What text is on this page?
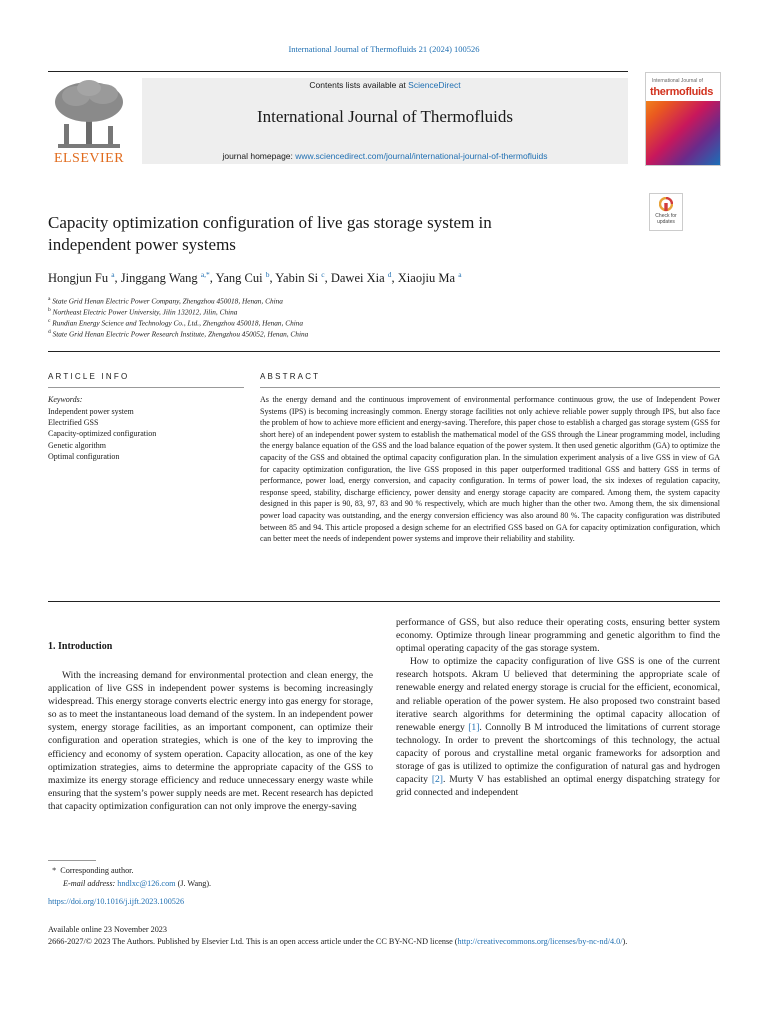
International Journal of Thermofluids 21 (2024) 100526
ELSEVIER
Contents lists available at ScienceDirect
International Journal of Thermofluids
journal homepage: www.sciencedirect.com/journal/international-journal-of-thermofluids
International Journal of
thermofluids
Check for
updates
Capacity optimization configuration of live gas storage system in
independent power systems
Hongjun Fu $^a$, Jinggang Wang $^{a,*}$, Yang Cui $^b$, Yabin Si $^c$, Dawei Xia $^d$, Xiaojiu Ma $^a$
$^a$ State Grid Henan Electric Power Company, Zhengzhou 450018, Henan, China
$^b$ Northeast Electric Power University, Jilin 132012, Jilin, China
$^c$ Rundian Energy Science and Technology Co., Ltd., Zhengzhou 450018, Henan, China
$^d$ State Grid Henan Electric Power Research Institute, Zhengzhou 450052, Henan, China
ARTICLE INFO	ABSTRACT
Keywords:
Independent power system
Electrified GSS
Capacity-optimized configuration
Genetic algorithm
Optimal configuration
As the energy demand and the continuous improvement of environmental performance continuous grow, the use of Independent Power Systems (IPS) is becoming increasingly common. Energy storage facilities not only achieve reliable power supply through IPS, but also face the problem of how to achieve more efficient and energy-saving. Therefore, this paper chose to establish a charged gas storage system (GSS for short here) of an independent power system to establish the mathematical model of the GSS through the Linear programming model, including the energy balance equation of the GSS and the load balance equation of the power system. It then used genetic algorithm (GA) to optimize the capacity of the GSS and obtained the optimal capacity configuration plan. In the simulation experiment analysis of a live GSS in view of GA for capacity optimization configuration, the live GSS proposed in this paper outperformed traditional GSS and battery GSS in terms of performance, power load, energy conversion, and capacity configuration. In terms of power load, the six indexes of regulation capacity, response speed, stability, discharge efficiency, power density and energy storage capacity are compared. Among them, the system capacity designed in this paper is 90, 83, 97, 83 and 90 % respectively, which are much higher than the other two. Among them, the six dimensional power load capacity was outstanding, and the energy conversion efficiency was also around 80 %. The capacity configuration was distributed between 85 and 94. This article proposed a design scheme for an electrified GSS based on GA for capacity optimization configuration, which can better meet the needs of independent power systems and improve their reliability and stability.
1. Introduction

With the increasing demand for environmental protection and clean energy, the application of live GSS in independent power systems is becoming increasingly widespread. This energy storage converts electric energy into gas energy for storage, so as to meet the instantaneous load demand of the system. In an independent power system, energy storage facilities, as an important component, can optimize their configuration and operation strategies, which is one of the key to improving the efficiency and economy of system operation. Capacity allocation, as one of the key optimization strategies, aims to determine the appropriate capacity of the GSS to maximize its energy storage efficiency and reduce unnecessary energy waste while ensuring that the system’s power supply needs are met. Recent research has depicted that capacity optimization configuration can not only improve the energy-saving

performance of GSS, but also reduce their operating costs, ensuring better system economy. Optimize through linear programming and genetic algorithm to find the optimal operating capacity of the gas storage system.

How to optimize the capacity configuration of live GSS is one of the current research hotspots. Akram U believed that determining the appropriate scale of renewable energy and related energy storage is crucial for the efficient, economical, and reliable operation of the power system. He also proposed two constraint based iterative search algorithms for determining the optimal capacity allocation of renewable energy [1]. Connolly B M introduced the limitations of current storage technology. In order to prevent the shortcomings of this technology, the actual capacity of porous and crystalline metal organic frameworks for adsorption and storage of gas is utilized to optimize the configuration of natural gas and hydrogen capacity [2]. Murty V has established an optimal energy dispatching strategy for grid connected and independent

*  Corresponding author.
E-mail address: hndlxc@126.com (J. Wang).
https://doi.org/10.1016/j.ijft.2023.100526
Available online 23 November 2023
2666-2027/© 2023 The Authors. Published by Elsevier Ltd. This is an open access article under the CC BY-NC-ND license (http://creativecommons.org/licenses/by-nc-nd/4.0/).
